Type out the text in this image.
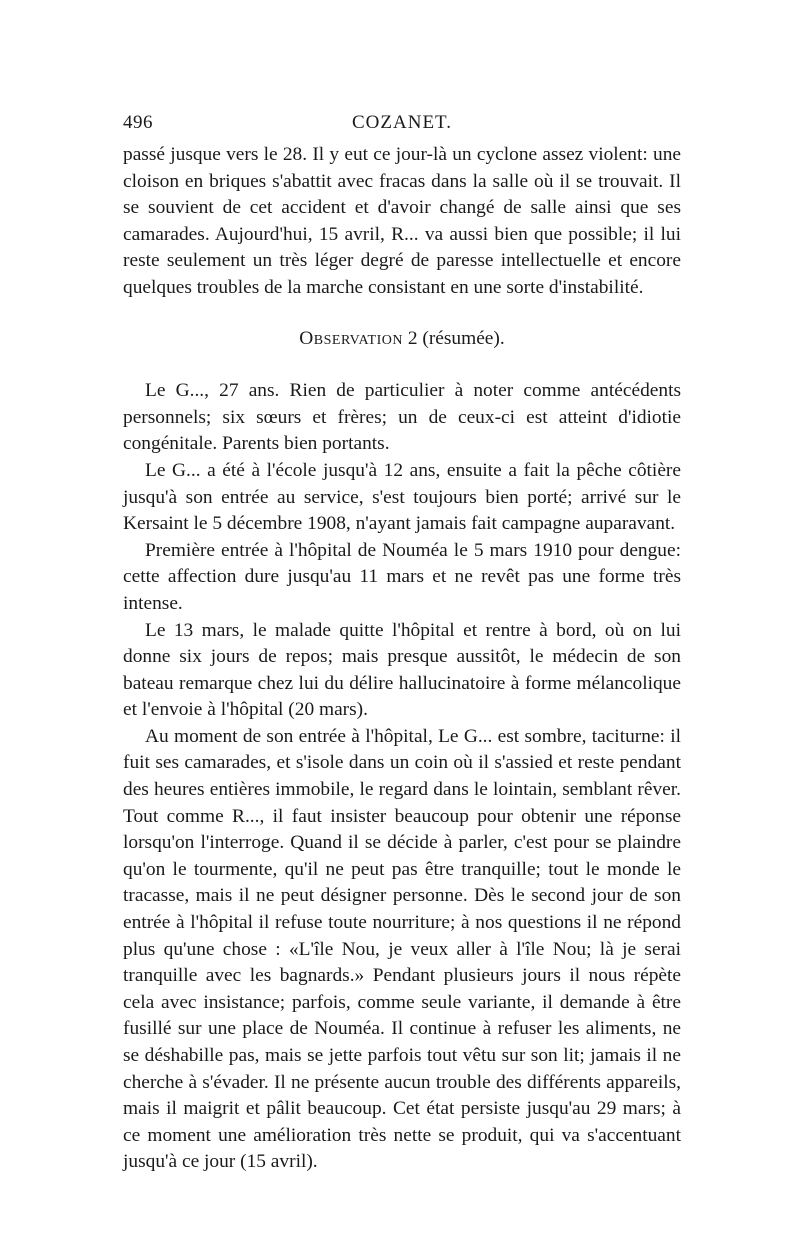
496	COZANET.

passé jusque vers le 28. Il y eut ce jour-là un cyclone assez violent: une cloison en briques s'abattit avec fracas dans la salle où il se trouvait. Il se souvient de cet accident et d'avoir changé de salle ainsi que ses camarades. Aujourd'hui, 15 avril, R... va aussi bien que possible; il lui reste seulement un très léger degré de paresse intellectuelle et encore quelques troubles de la marche consistant en une sorte d'instabilité.

Observation 2 (résumée).

Le G..., 27 ans. Rien de particulier à noter comme antécédents personnels; six sœurs et frères; un de ceux-ci est atteint d'idiotie congénitale. Parents bien portants.

Le G... a été à l'école jusqu'à 12 ans, ensuite a fait la pêche côtière jusqu'à son entrée au service, s'est toujours bien porté; arrivé sur le Kersaint le 5 décembre 1908, n'ayant jamais fait campagne auparavant.

Première entrée à l'hôpital de Nouméa le 5 mars 1910 pour dengue: cette affection dure jusqu'au 11 mars et ne revêt pas une forme très intense.

Le 13 mars, le malade quitte l'hôpital et rentre à bord, où on lui donne six jours de repos; mais presque aussitôt, le médecin de son bateau remarque chez lui du délire hallucinatoire à forme mélancolique et l'envoie à l'hôpital (20 mars).

Au moment de son entrée à l'hôpital, Le G... est sombre, taciturne: il fuit ses camarades, et s'isole dans un coin où il s'assied et reste pendant des heures entières immobile, le regard dans le lointain, semblant rêver. Tout comme R..., il faut insister beaucoup pour obtenir une réponse lorsqu'on l'interroge. Quand il se décide à parler, c'est pour se plaindre qu'on le tourmente, qu'il ne peut pas être tranquille; tout le monde le tracasse, mais il ne peut désigner personne. Dès le second jour de son entrée à l'hôpital il refuse toute nourriture; à nos questions il ne répond plus qu'une chose : «L'île Nou, je veux aller à l'île Nou; là je serai tranquille avec les bagnards.» Pendant plusieurs jours il nous répète cela avec insistance; parfois, comme seule variante, il demande à être fusillé sur une place de Nouméa. Il continue à refuser les aliments, ne se déshabille pas, mais se jette parfois tout vêtu sur son lit; jamais il ne cherche à s'évader. Il ne présente aucun trouble des différents appareils, mais il maigrit et pâlit beaucoup. Cet état persiste jusqu'au 29 mars; à ce moment une amélioration très nette se produit, qui va s'accentuant jusqu'à ce jour (15 avril).
